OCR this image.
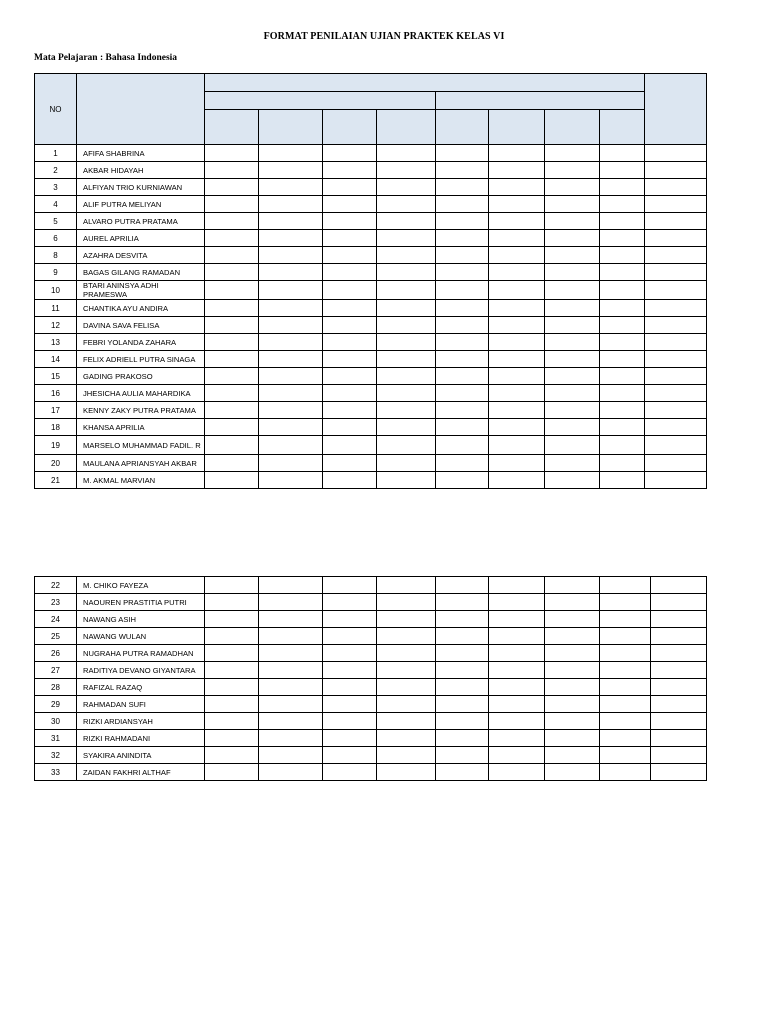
FORMAT PENILAIAN UJIAN PRAKTEK KELAS VI
Mata Pelajaran : Bahasa Indonesia
NO										

1	AFIFA SHABRINA									
2	AKBAR HIDAYAH									
3	ALFIYAN TRIO KURNIAWAN									
4	ALIF PUTRA MELIYAN									
5	ALVARO PUTRA PRATAMA									
6	AUREL APRILIA									
8	AZAHRA DESVITA									
9	BAGAS GILANG RAMADAN									
10	BTARI ANINSYA ADHI PRAMESWA									
11	CHANTIKA AYU ANDIRA									
12	DAVINA SAVA FELISA									
13	FEBRI YOLANDA ZAHARA									
14	FELIX ADRIELL PUTRA SINAGA									
15	GADING PRAKOSO									
16	JHESICHA AULIA MAHARDIKA									
17	KENNY ZAKY PUTRA PRATAMA									
18	KHANSA APRILIA									
19	MARSELO MUHAMMAD FADIL. R									
20	MAULANA APRIANSYAH AKBAR									
21	M. AKMAL MARVIAN									
22	M. CHIKO FAYEZA									
23	NAOUREN PRASTITIA PUTRI									
24	NAWANG ASIH									
25	NAWANG WULAN									
26	NUGRAHA PUTRA RAMADHAN									
27	RADITIYA DEVANO GIYANTARA									
28	RAFIZAL RAZAQ									
29	RAHMADAN SUFI									
30	RIZKI ARDIANSYAH									
31	RIZKI RAHMADANI									
32	SYAKIRA ANINDITA									
33	ZAIDAN FAKHRI ALTHAF									
